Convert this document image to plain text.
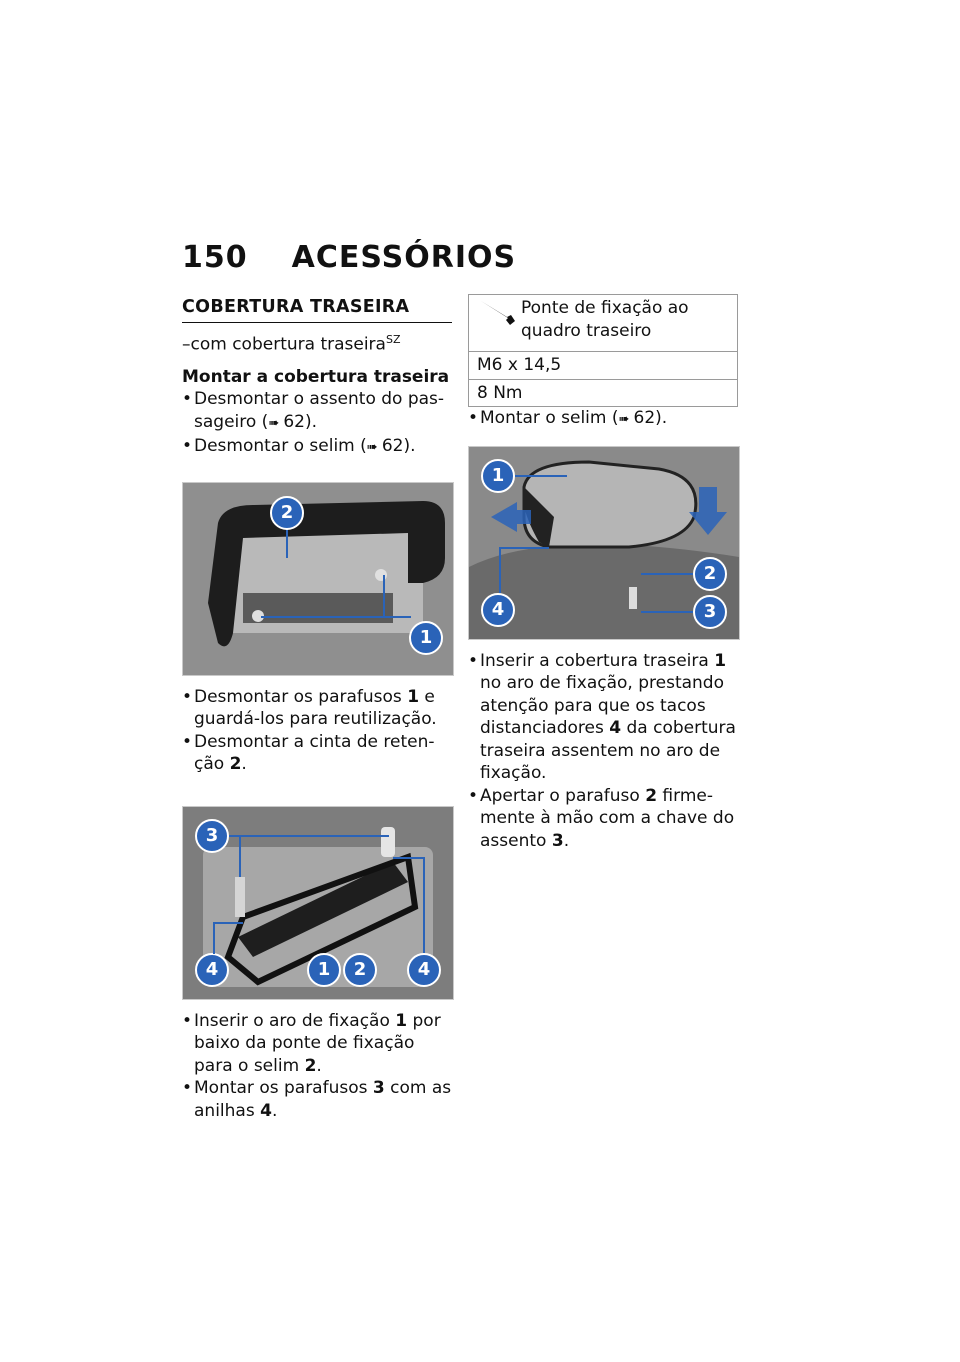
150 ACESSÓRIOS
COBERTURA TRASEIRA
–com cobertura traseira$^{SZ}$
Montar a cobertura traseira
• Desmontar o assento do pas-sageiro (➠ 62).
• Desmontar o selim (➠ 62).
2
1
• Desmontar os parafusos 1 e guardá-los para reutilização.
• Desmontar a cinta de reten-ção 2.
3
4	1	2	4
• Inserir o aro de fixação 1 por baixo da ponte de fixação para o selim 2.
• Montar os parafusos 3 com as anilhas 4.
Ponte de fixação ao quadro traseiro
M6 x 14,5
8 Nm
• Montar o selim (➠ 62).
1
4
2
3
• Inserir a cobertura traseira 1 no aro de fixação, prestando atenção para que os tacos distanciadores 4 da cobertura traseira assentem no aro de fixação.
• Apertar o parafuso 2 firme-mente à mão com a chave do assento 3.
